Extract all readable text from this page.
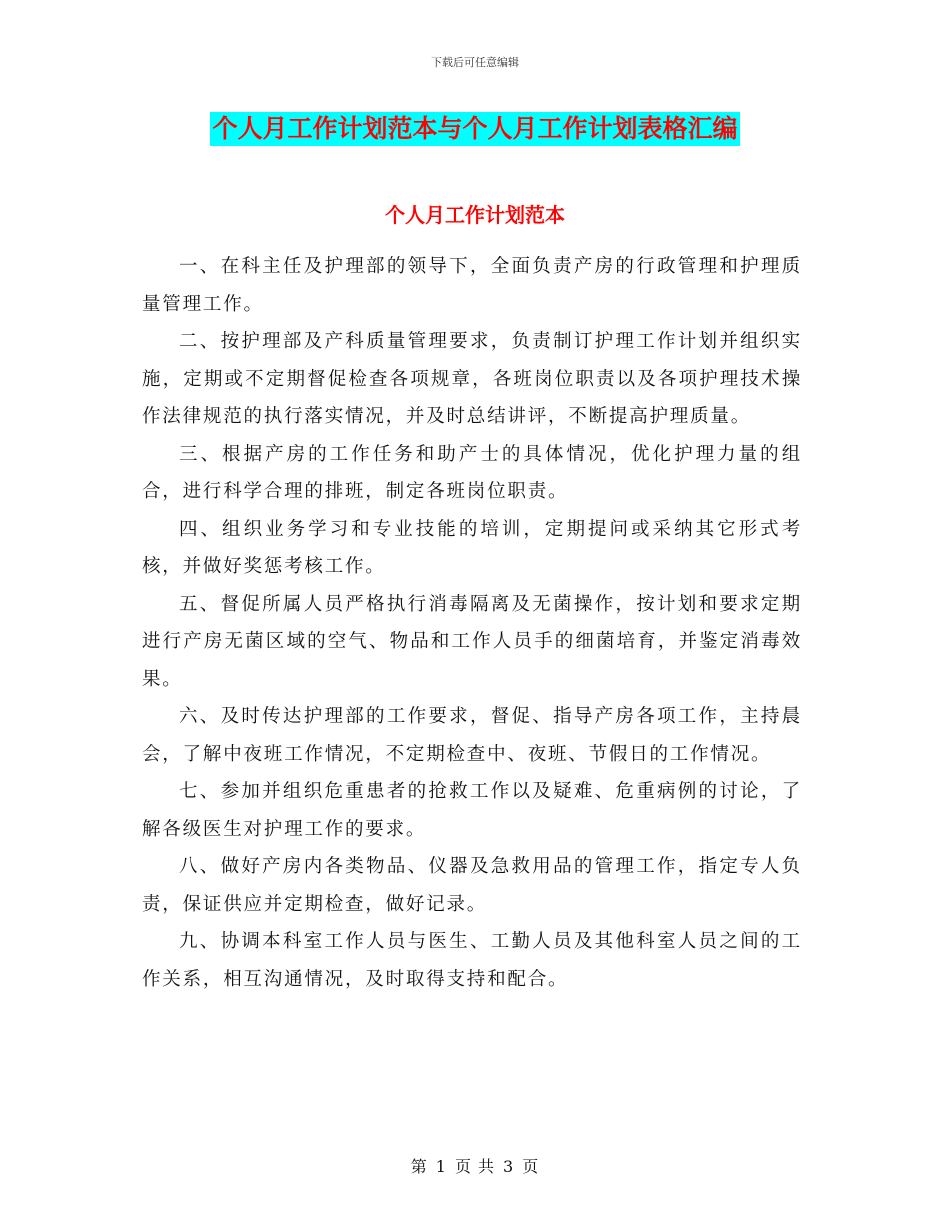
下载后可任意编辑
个人月工作计划范本与个人月工作计划表格汇编
个人月工作计划范本

一、在科主任及护理部的领导下，全面负责产房的行政管理和护理质量管理工作。

二、按护理部及产科质量管理要求，负责制订护理工作计划并组织实施，定期或不定期督促检查各项规章，各班岗位职责以及各项护理技术操作法律规范的执行落实情况，并及时总结讲评，不断提高护理质量。

三、根据产房的工作任务和助产士的具体情况，优化护理力量的组合，进行科学合理的排班，制定各班岗位职责。

四、组织业务学习和专业技能的培训，定期提问或采纳其它形式考核，并做好奖惩考核工作。

五、督促所属人员严格执行消毒隔离及无菌操作，按计划和要求定期进行产房无菌区域的空气、物品和工作人员手的细菌培育，并鉴定消毒效果。

六、及时传达护理部的工作要求，督促、指导产房各项工作，主持晨会，了解中夜班工作情况，不定期检查中、夜班、节假日的工作情况。

七、参加并组织危重患者的抢救工作以及疑难、危重病例的讨论，了解各级医生对护理工作的要求。

八、做好产房内各类物品、仪器及急救用品的管理工作，指定专人负责，保证供应并定期检查，做好记录。

九、协调本科室工作人员与医生、工勤人员及其他科室人员之间的工作关系，相互沟通情况，及时取得支持和配合。

第 1 页 共 3 页
